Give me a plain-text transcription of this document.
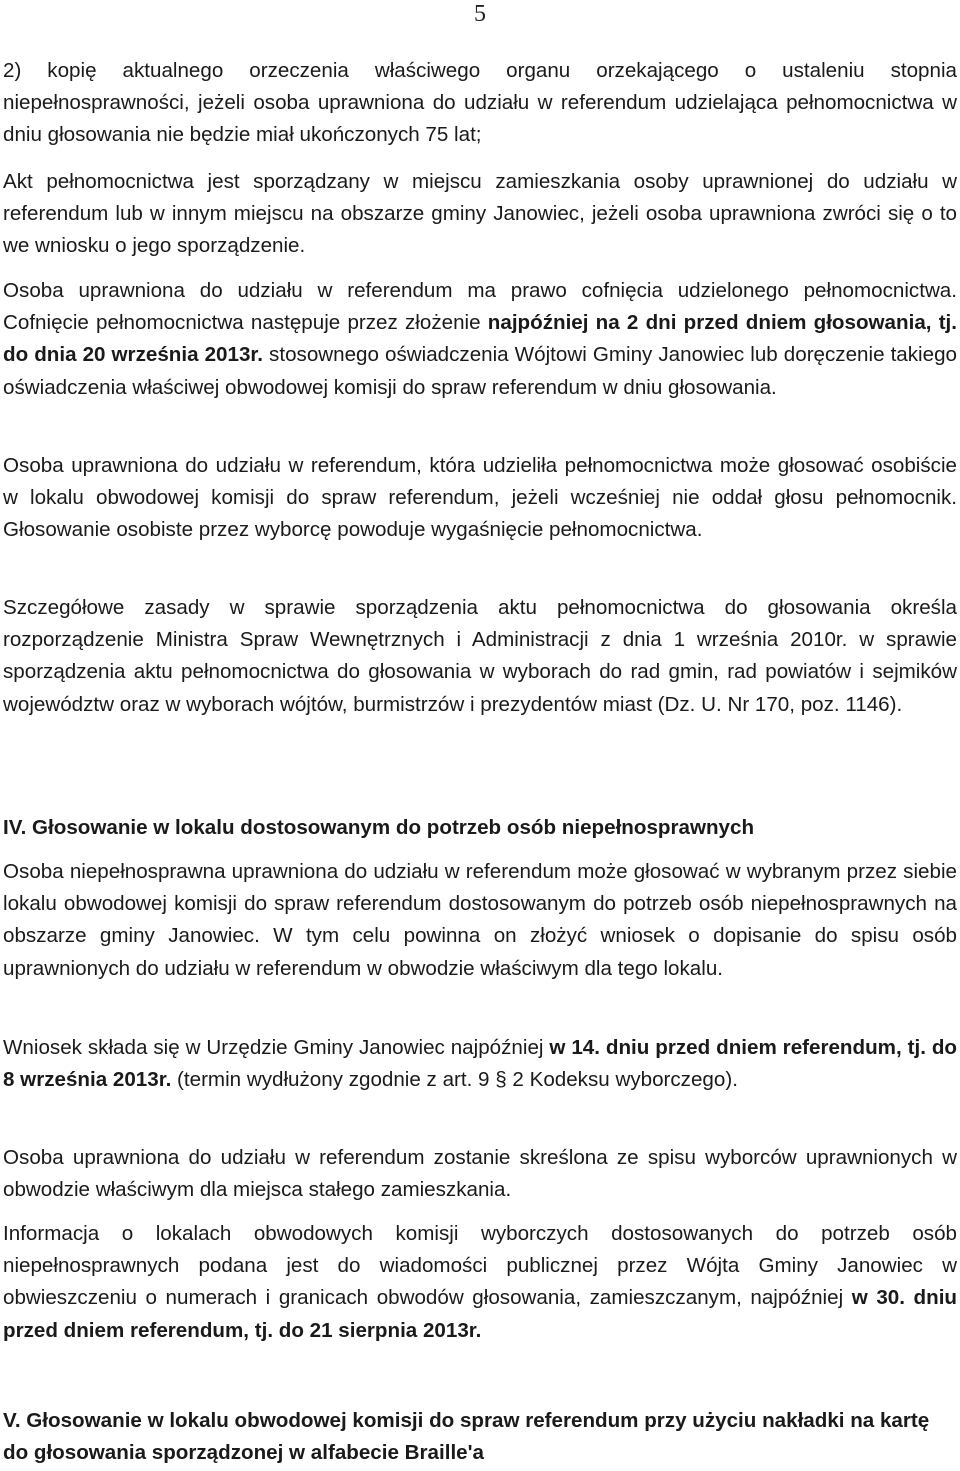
5

2) kopię aktualnego orzeczenia właściwego organu orzekającego o ustaleniu stopnia niepełnosprawności, jeżeli osoba uprawniona do udziału w referendum udzielająca pełnomocnictwa w dniu głosowania nie będzie miał ukończonych 75 lat;

Akt pełnomocnictwa jest sporządzany w miejscu zamieszkania osoby uprawnionej do udziału w referendum lub w innym miejscu na obszarze gminy Janowiec, jeżeli osoba uprawniona zwróci się o to we wniosku o jego sporządzenie.

Osoba uprawniona do udziału w referendum ma prawo cofnięcia udzielonego pełnomocnictwa. Cofnięcie pełnomocnictwa następuje przez złożenie najpóźniej na 2 dni przed dniem głosowania, tj. do dnia 20 września 2013r. stosownego oświadczenia Wójtowi Gminy Janowiec lub doręczenie takiego oświadczenia właściwej obwodowej komisji do spraw referendum w dniu głosowania.

Osoba uprawniona do udziału w referendum, która udzieliła pełnomocnictwa może głosować osobiście w lokalu obwodowej komisji do spraw referendum, jeżeli wcześniej nie oddał głosu pełnomocnik. Głosowanie osobiste przez wyborcę powoduje wygaśnięcie pełnomocnictwa.

Szczegółowe zasady w sprawie sporządzenia aktu pełnomocnictwa do głosowania określa rozporządzenie Ministra Spraw Wewnętrznych i Administracji z dnia 1 września 2010r. w sprawie sporządzenia aktu pełnomocnictwa do głosowania w wyborach do rad gmin, rad powiatów i sejmików województw oraz w wyborach wójtów, burmistrzów i prezydentów miast (Dz. U. Nr 170, poz. 1146).

IV. Głosowanie w lokalu dostosowanym do potrzeb osób niepełnosprawnych

Osoba niepełnosprawna uprawniona do udziału w referendum może głosować w wybranym przez siebie lokalu obwodowej komisji do spraw referendum dostosowanym do potrzeb osób niepełnosprawnych na obszarze gminy Janowiec. W tym celu powinna on złożyć wniosek o dopisanie do spisu osób uprawnionych do udziału w referendum w obwodzie właściwym dla tego lokalu.

Wniosek składa się w Urzędzie Gminy Janowiec najpóźniej w 14. dniu przed dniem referendum, tj. do 8 września 2013r. (termin wydłużony zgodnie z art. 9 § 2 Kodeksu wyborczego).

Osoba uprawniona do udziału w referendum zostanie skreślona ze spisu wyborców uprawnionych w obwodzie właściwym dla miejsca stałego zamieszkania.

Informacja o lokalach obwodowych komisji wyborczych dostosowanych do potrzeb osób niepełnosprawnych podana jest do wiadomości publicznej przez Wójta Gminy Janowiec w obwieszczeniu o numerach i granicach obwodów głosowania, zamieszczanym, najpóźniej w 30. dniu przed dniem referendum, tj. do 21 sierpnia 2013r.

V. Głosowanie w lokalu obwodowej komisji do spraw referendum przy użyciu nakładki na kartę do głosowania sporządzonej w alfabecie Braille'a
